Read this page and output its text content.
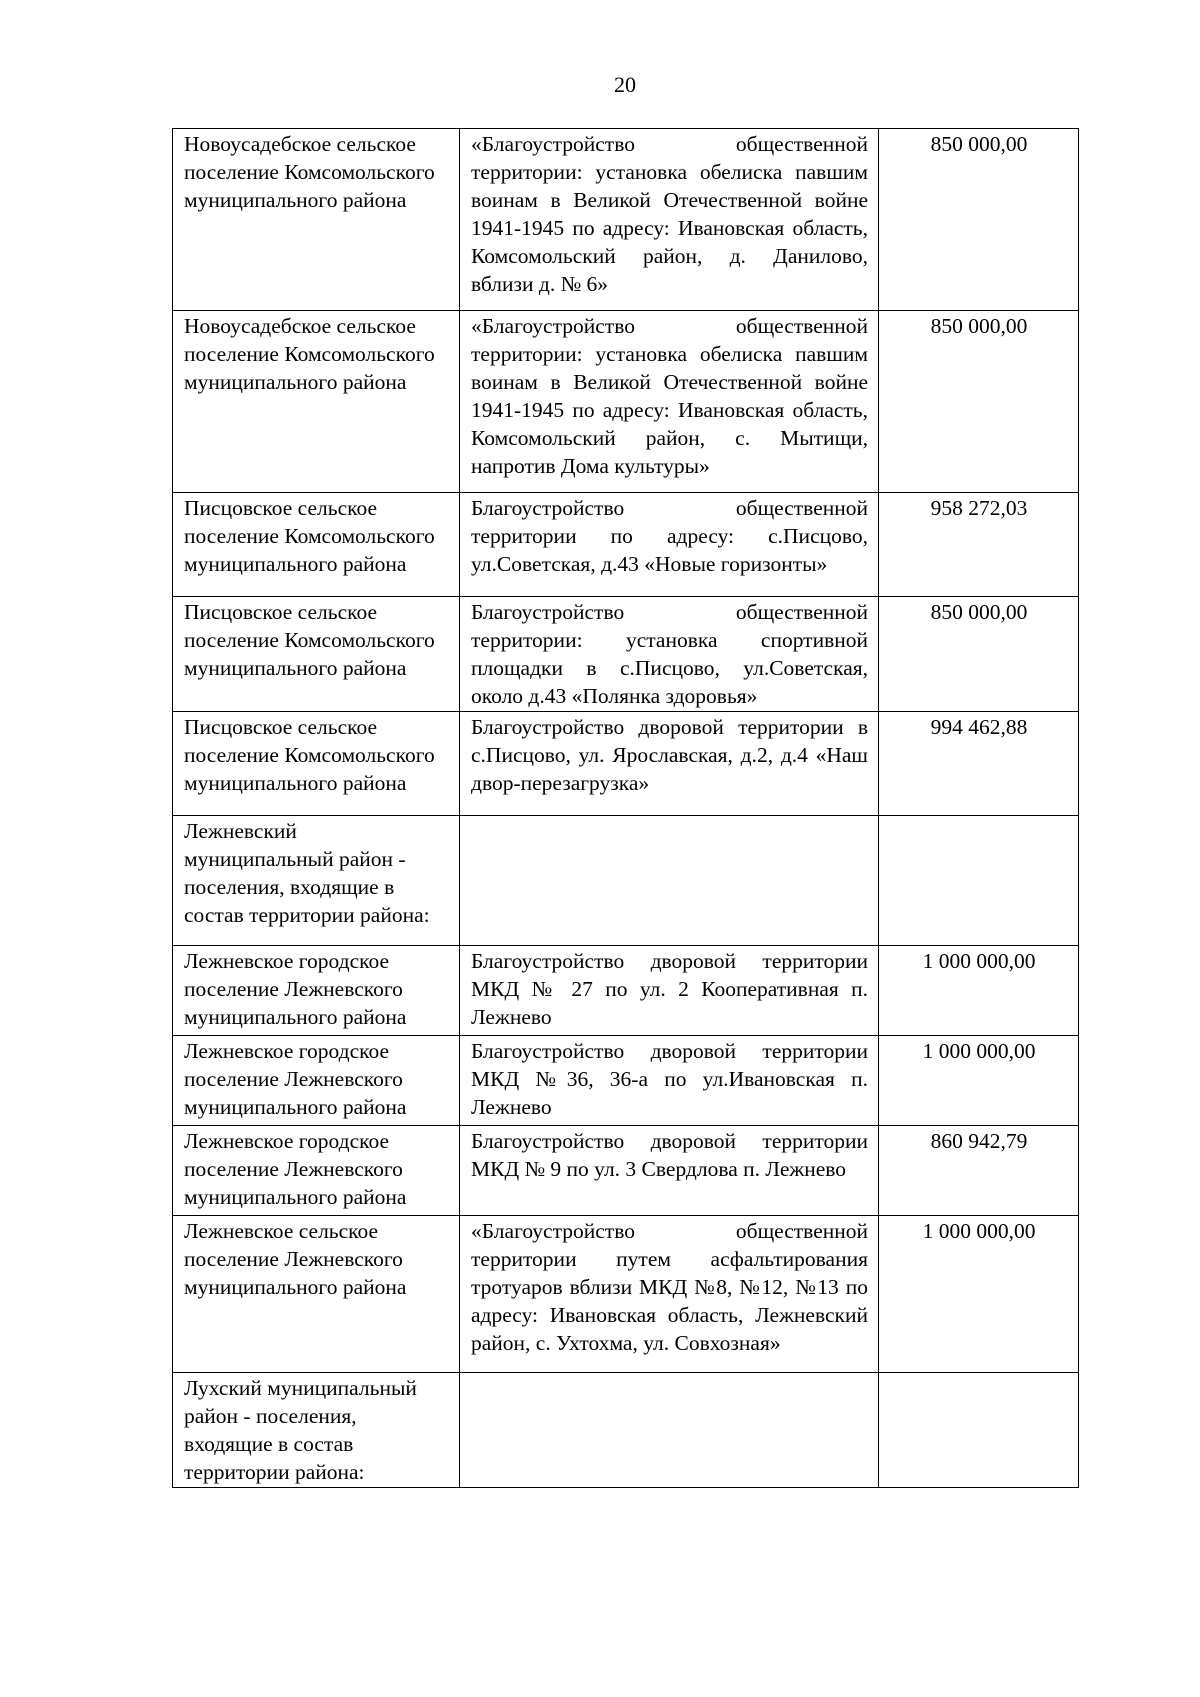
20
Новоусадебское сельское поселение Комсомольского муниципального района	«Благоустройство общественной территории: установка обелиска павшим воинам в Великой Отечественной войне 1941-1945 по адресу: Ивановская область, Комсомольский район, д. Данилово, вблизи д. № 6»	850 000,00
Новоусадебское сельское поселение Комсомольского муниципального района	«Благоустройство общественной территории: установка обелиска павшим воинам в Великой Отечественной войне 1941-1945 по адресу: Ивановская область, Комсомольский район, с. Мытищи, напротив Дома культуры»	850 000,00
Писцовское сельское поселение Комсомольского муниципального района	Благоустройство общественной территории по адресу: с.Писцово, ул.Советская, д.43 «Новые горизонты»	958 272,03
Писцовское сельское поселение Комсомольского муниципального района	Благоустройство общественной территории: установка спортивной площадки в с.Писцово, ул.Советская, около д.43 «Полянка здоровья»	850 000,00
Писцовское сельское поселение Комсомольского муниципального района	Благоустройство дворовой территории в с.Писцово, ул. Ярославская, д.2, д.4 «Наш двор-перезагрузка»	994 462,88
Лежневский муниципальный район - поселения, входящие в состав территории района:		
Лежневское городское поселение Лежневского муниципального района	Благоустройство дворовой территории МКД № 27 по ул. 2 Кооперативная п. Лежнево	1 000 000,00
Лежневское городское поселение Лежневского муниципального района	Благоустройство дворовой территории МКД №36, 36-а по ул.Ивановская п. Лежнево	1 000 000,00
Лежневское городское поселение Лежневского муниципального района	Благоустройство дворовой территории МКД № 9 по ул. 3 Свердлова п. Лежнево	860 942,79
Лежневское сельское поселение Лежневского муниципального района	«Благоустройство общественной территории путем асфальтирования тротуаров вблизи МКД №8, №12, №13 по адресу: Ивановская область, Лежневский район, с. Ухтохма, ул. Совхозная»	1 000 000,00
Лухский муниципальный район - поселения, входящие в состав территории района:		
